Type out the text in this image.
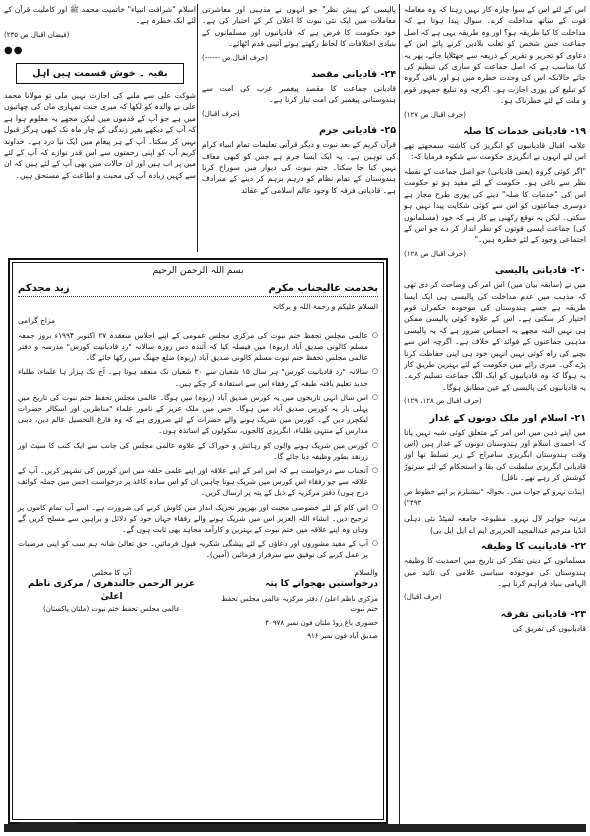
اس کے لئے اس کے سوا چارہ کار نہیں رہتا کہ وہ معاملہ قوت کے ساتھ مداخلت کرے۔ سوال پیدا ہوتا ہے کہ مداخلت کا کیا طریقہ ہو؟ اور وہ طریقہ یہی ہے کہ اصل جماعت جس شخص کو تغلب بلادین کرتے پائے اس کے دعاوی کو تحریر و تقریر کے ذریعہ سے جھٹلایا جائے، پھر یہ کیا مناسب ہے کہ اصل جماعت کو ساری کی تنظیم کی جائے حالانکہ اس کی وحدت خطرہ میں ہو اور باقی گروہ کو تبلیغ کی پوری اجازت ہو۔ اگرچہ وہ تبلیغ جمہور قوم و ملت کے لئے خطرناک ہو۔

(حرف اقبال ص ۱۲۷)
۱۹- قادیانی خدمات کا صلہ

علامہ اقبال قادیانیوں کو انگریز کی کاشتہ سمجھتے تھے اس لئے انہوں نے انگریزی حکومت سے شکوہ فرمایا کہ:

"اگر کوئی گروہ (یعنی قادیانی) جو اصل جماعت کے نقطہ نظر سے باغی ہو۔ حکومت کے لئے مفید ہو تو حکومت اس کی "خدمات کا صلہ" دینے کی پوری طرح مجاز ہے دوسری جماعتوں کو اس سے کوئی شکایت پیدا نہیں ہو سکتی۔ لیکن یہ توقع رکھنی بے کار ہے کہ خود (مسلمانوں کی) جماعت ایسی قوتوں کو نظر انداز کر دے جو اس کے اجتماعی وجود کے لئے خطرہ ہیں۔"

(حرف اقبال ص ۱۲۸)
۲۰- قادیانی پالیسی

میں نے (سابقہ بیان میں) اس امر کی وضاحت کر دی تھی کہ مذہب میں عدم مداخلت کی پالیسی ہی ایک ایسا طریقہ ہے جسے ہندوستان کی موجودہ حکمران قوم اختیار کر سکتی ہے۔ اس کے علاوہ کوئی پالیسی ممکن ہی نہیں البتہ مجھے یہ احساس ضرور ہے کہ یہ پالیسی مذہبی جماعتوں کے فوائد کے خلاف ہے۔ اگرچہ اس سے بچنے کی راہ کوئی نہیں انہیں خود ہی اپنی حفاظت کرنا پڑے گی۔ میری رائے میں حکومت کے لئے بہترین طریق کار یہ ہوگا کہ وہ قادیانیوں کو ایک الگ جماعت تسلیم کرے۔ یہ قادیانیوں کی پالیسی کے عین مطابق ہوگا۔

(حرف اقبال ص ۱۲۸، ۱۲۹)
۲۱- اسلام اور ملک دونوں کے غدار

میں اپنے ذہن میں اس امر کے متعلق کوئی شبہ نہیں پاتا کہ احمدی اسلام اور ہندوستان دونوں کے غدار ہیں (اس وقت ہندوستان انگریزی سامراج کے زیر تسلط تھا اور قادیانی انگریزی سلطنت کی بقا و استحکام کے لئے سرتوڑ کوشش کر رہے تھے۔ ناقل)

(پنڈت نہرو کے جواب میں۔ بحوالہ "نیشنلزم پر اپنے خطوط ص ۴۹۳")

مرتبہ جواہر لال نہرو۔ مطبوعہ جامعہ لمیٹڈ نئی دہلی انڈیا مترجم عبدالمجید الحریری ایم اے ایل ایل بی)

۲۲- قادیانیت کا وظیفہ

مسلمانوں کے دینی تفکر کی تاریخ میں احمدیت کا وظیفہ ہندوستان کی موجودہ سیاسی غلامی کی تائید میں الہامی بنیاد فراہم کرنا ہے۔

(حرف اقبال)
۲۳- قادیانی تفرقہ

قادیانیوں کی تفریق کی

پالیسی کے پیش نظر" جو انہوں نے مذہبی اور معاشرتی معاملات میں ایک نئی نبوت کا اعلان کر کے اختیار کی ہے۔ خود حکومت کا فرض ہے کہ قادیانیوں اور مسلمانوں کے بنیادی اختلافات کا لحاظ رکھتے ہوئے آئینی قدم اٹھائے۔

(حرف اقبال ص ------)
۲۴- قادیانی مقصد

قادیانی جماعت کا مقصد پیغمبر عرب کی امت سے ہندوستانی پیغمبر کی امت تیار کرنا ہے۔

(حرف اقبال)
۲۵- قادیانی جرم

قرآن کریم کے بعد نبوت و دیگر قرآنی تعلیمات تمام انبیاء کرام کی توہین ہے۔ یہ ایک ایسا جرم ہے جس کو کبھی معاف نہیں کیا جا سکتا۔ ختم نبوت کی دیوار میں سوراخ کرنا ہندوستان کے تمام نظام کو درہم برہم کر دینے کے مترادف ہے۔ قادیانی فرقہ کا وجود عالم اسلامی کے عقائد

اسلام "شرافت انبیاء" خاتمیت محمد ﷺ اور کاملیت قرآن کے لئے ایک خطرہ ہے۔

(فیضان اقبال ص ۲۳۵)
●●
بقیہ ۔ خوش قسمت ہیں اہل

شوکت علی سے ملنے کی اجازت نہیں ملی تو مولانا محمد علی نے والدہ کو لکھا کہ میری جنت تمہاری ماں کی چھاتیوں میں ہے جو آپ کے قدموں میں لیکن مجھے یہ معلوم ہوا ہے کہ آپ کے دیکھے بغیر زندگی کے چار ماہ تک کبھی ہرگز قبول نہیں کر سکتا۔ آپ کے ہر پیغام میں ایک نیا درد ہے۔ خداوند کریم آپ کو اپنی رحمتوں سے اس قدر نوازے کہ آپ کے لئے میں پر اب ہیں اور ان حالات میں بھی آپ کے لئے ہیں کہ ان سے کہیں زیادہ آپ کی محبت و اطاعت کے مستحق ہیں۔

بسم اللہ الرحمن الرحیم
بخدمت عالیجناب مکرم
زید مجدکم
السلام علیکم و رحمۃ اللہ و برکاتہ
مزاج گرامی
○
عالمی مجلس تحفظ ختم نبوت کی مرکزی مجلس عمومی کے اپنے اجلاس منعقدہ ۲۷ اکتوبر ۱۹۹۴ء بروز جمعہ مسلم کالونی صدیق آباد (ربوہ) میں فیصلہ کیا کہ آئندہ دس روزہ سالانہ "رد قادیانیت کورس" مدرسہ و دفتر عالمی مجلس تحفظ ختم نبوت مسلم کالونی صدیق آباد (ربوہ) ضلع جھنگ میں رکھا جائے گا۔
○
سالانہ "رد قادیانیت کورس" ہر سال ۱۵ شعبان سے ۳۰ شعبان تک منعقد ہوتا ہے۔ آج تک ہزار ہا علماء، طلباء جدید تعلیم یافتہ طبقہ کے رفقاء اس سے استفادہ کر چکے ہیں۔
○
اس سال انہی تاریخوں میں یہ کورس صدیق آباد (ربوہ) میں ہوگا۔ عالمی مجلس تحفظ ختم نبوت کی تاریخ میں پہلی بار یہ کورس صدیق آباد میں ہوگا۔ جس میں ملک عزیز کے نامور علماء "مناظرین اور اسکالر حضرات لیکچرز دیں گے۔ کورس میں شریک ہونے والے حضرات کے لئے ضروری ہے کہ وہ فارغ التحصیل عالم دین، دینی مدارس کے منتہی طلباء، انگریزی کالجوں، سکولوں کے اساتذہ ہوں۔
○
کورس میں شریک ہونے والوں کو رہائش و خوراک کے علاوہ عالمی مجلس کی جانب سے ایک کتب کا سیٹ اور زرنقد بطور وظیفہ دیا جائے گا۔
○
آنجناب سے درخواست ہے کہ اس امر کے اپنے علاقہ اور اپنے علمی حلقہ میں اس کورس کی تشہیر کریں۔ آپ کے علاقہ سے جو رفقاء اس کورس میں شریک ہونا چاہیں ان کو اس سادہ کاغذ پر درخواست (جس میں جملہ کوائف درج ہوں) دفتر مرکزیہ کے ذیل کے پتہ پر ارسال کریں۔
○
اس کام کے لئے خصوصی محنت اور بھرپور تحریک انداز میں کاوش کرنے کی ضرورت ہے۔ اسے آپ تمام کاموں پر ترجیح دیں۔ انشاء اللہ العزیز اس میں شریک ہونے والے رفقاء جہاں خود کو دلائل و براہین سے مسلح کریں گے وہاں وہ اپنے علاقہ میں ختم نبوت کے بہترین و کارآمد مجاہد بھی ثابت ہوں گے۔
○
آپ کے مفید مشوروں اور دعاؤں کے لئے پیشگی شکریہ قبول فرمائیں۔ حق تعالیٰ شانہ ہم سب کو اپنی مرضیات پر عمل کرنے کی توفیق سے سرفراز فرمائیں (آمین)۔
والسلام
درخواستیں بھجوانے کا پتہ
مرکزی ناظم اعلیٰ / دفتر مرکزیہ عالمی مجلس تحفظ ختم نبوت
حضوری باغ روڈ ملتان فون نمبر ۴۰۹۷۸
صدیق آباد فون نمبر ۹۱۶
آپ کا مخلص
عزیز الرحمن جالندھری / مرکزی ناظم اعلیٰ
عالمی مجلس تحفظ ختم نبوت (ملتان پاکستان)
